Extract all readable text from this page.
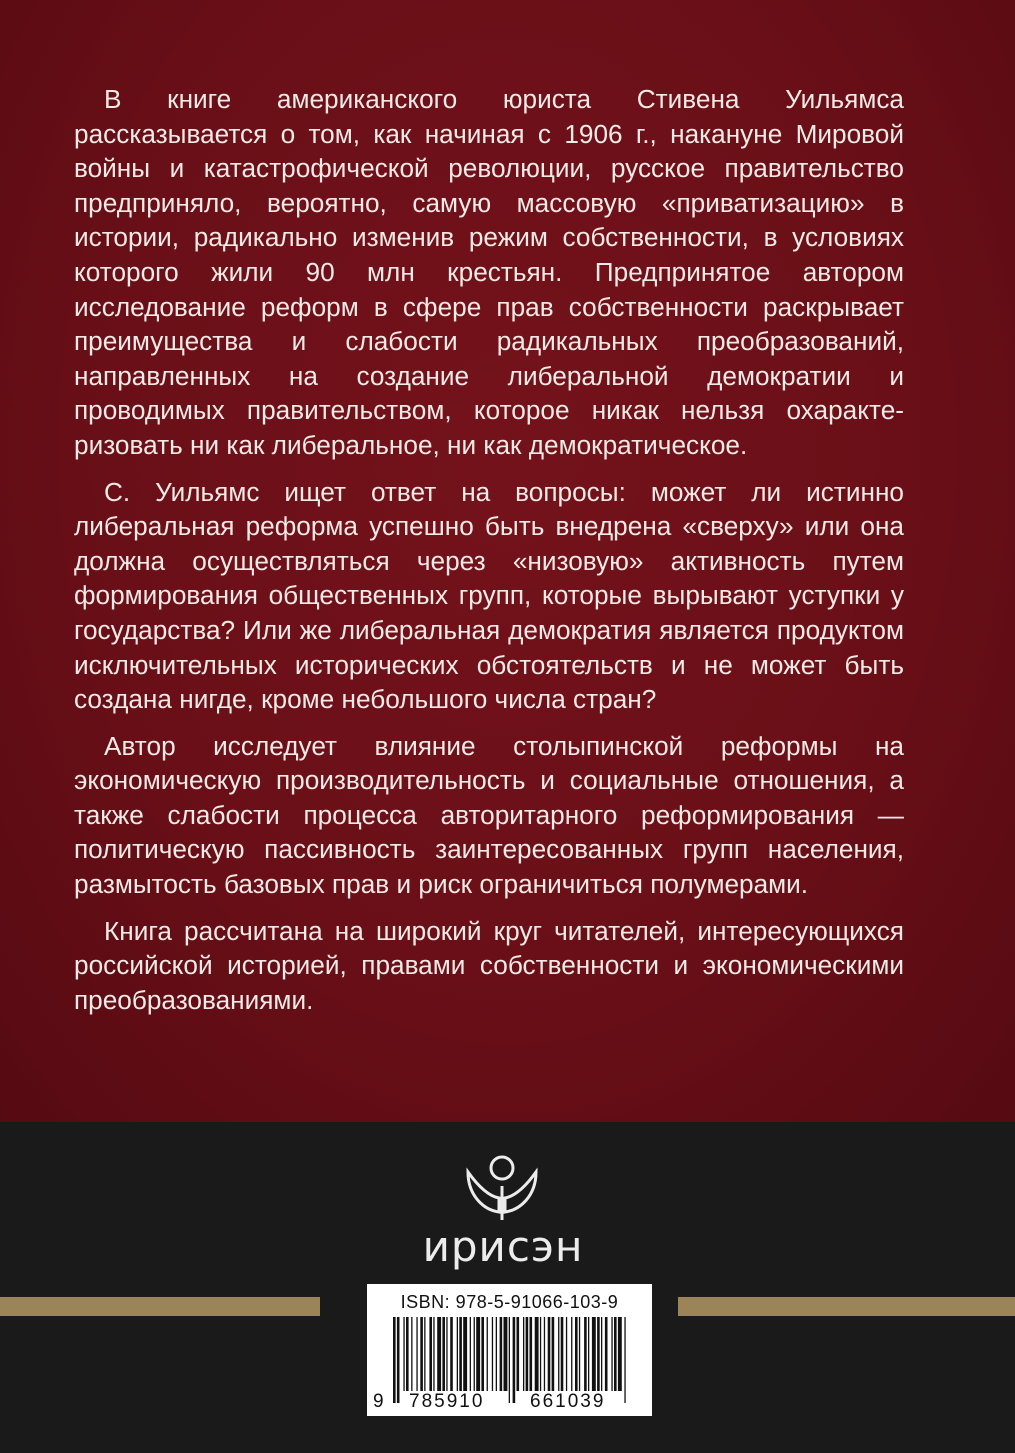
В книге американского юриста Стивена Уильямса рассказывается о том, как начиная с 1906 г., накануне Мировой войны и катастрофической революции, русское правительство предприняло, вероятно, самую массовую «приватизацию» в истории, радикально изменив режим собственности, в условиях которого жили 90 млн крестьян. Предпринятое автором исследование реформ в сфере прав собственности раскрывает преимущества и слабости радикальных преобразований, направленных на создание либеральной демократии и проводимых правительством, которое никак нельзя охарактеризовать ни как либеральное, ни как демократическое.

С. Уильямс ищет ответ на вопросы: может ли истинно либеральная реформа успешно быть внедрена «сверху» или она должна осуществляться через «низовую» активность путем формирования общественных групп, которые вырывают уступки у государства? Или же либеральная демократия является продуктом исключительных исторических обстоятельств и не может быть создана нигде, кроме небольшого числа стран?

Автор исследует влияние столыпинской реформы на экономическую производительность и социальные отношения, а также слабости процесса авторитарного реформирования — политическую пассивность заинтересованных групп населения, размытость базовых прав и риск ограничиться полумерами.

Книга рассчитана на широкий круг читателей, интересующихся российской историей, правами собственности и экономическими преобразованиями.

ирисэн
ISBN: 978-5-91066-103-9
9 785910 661039
